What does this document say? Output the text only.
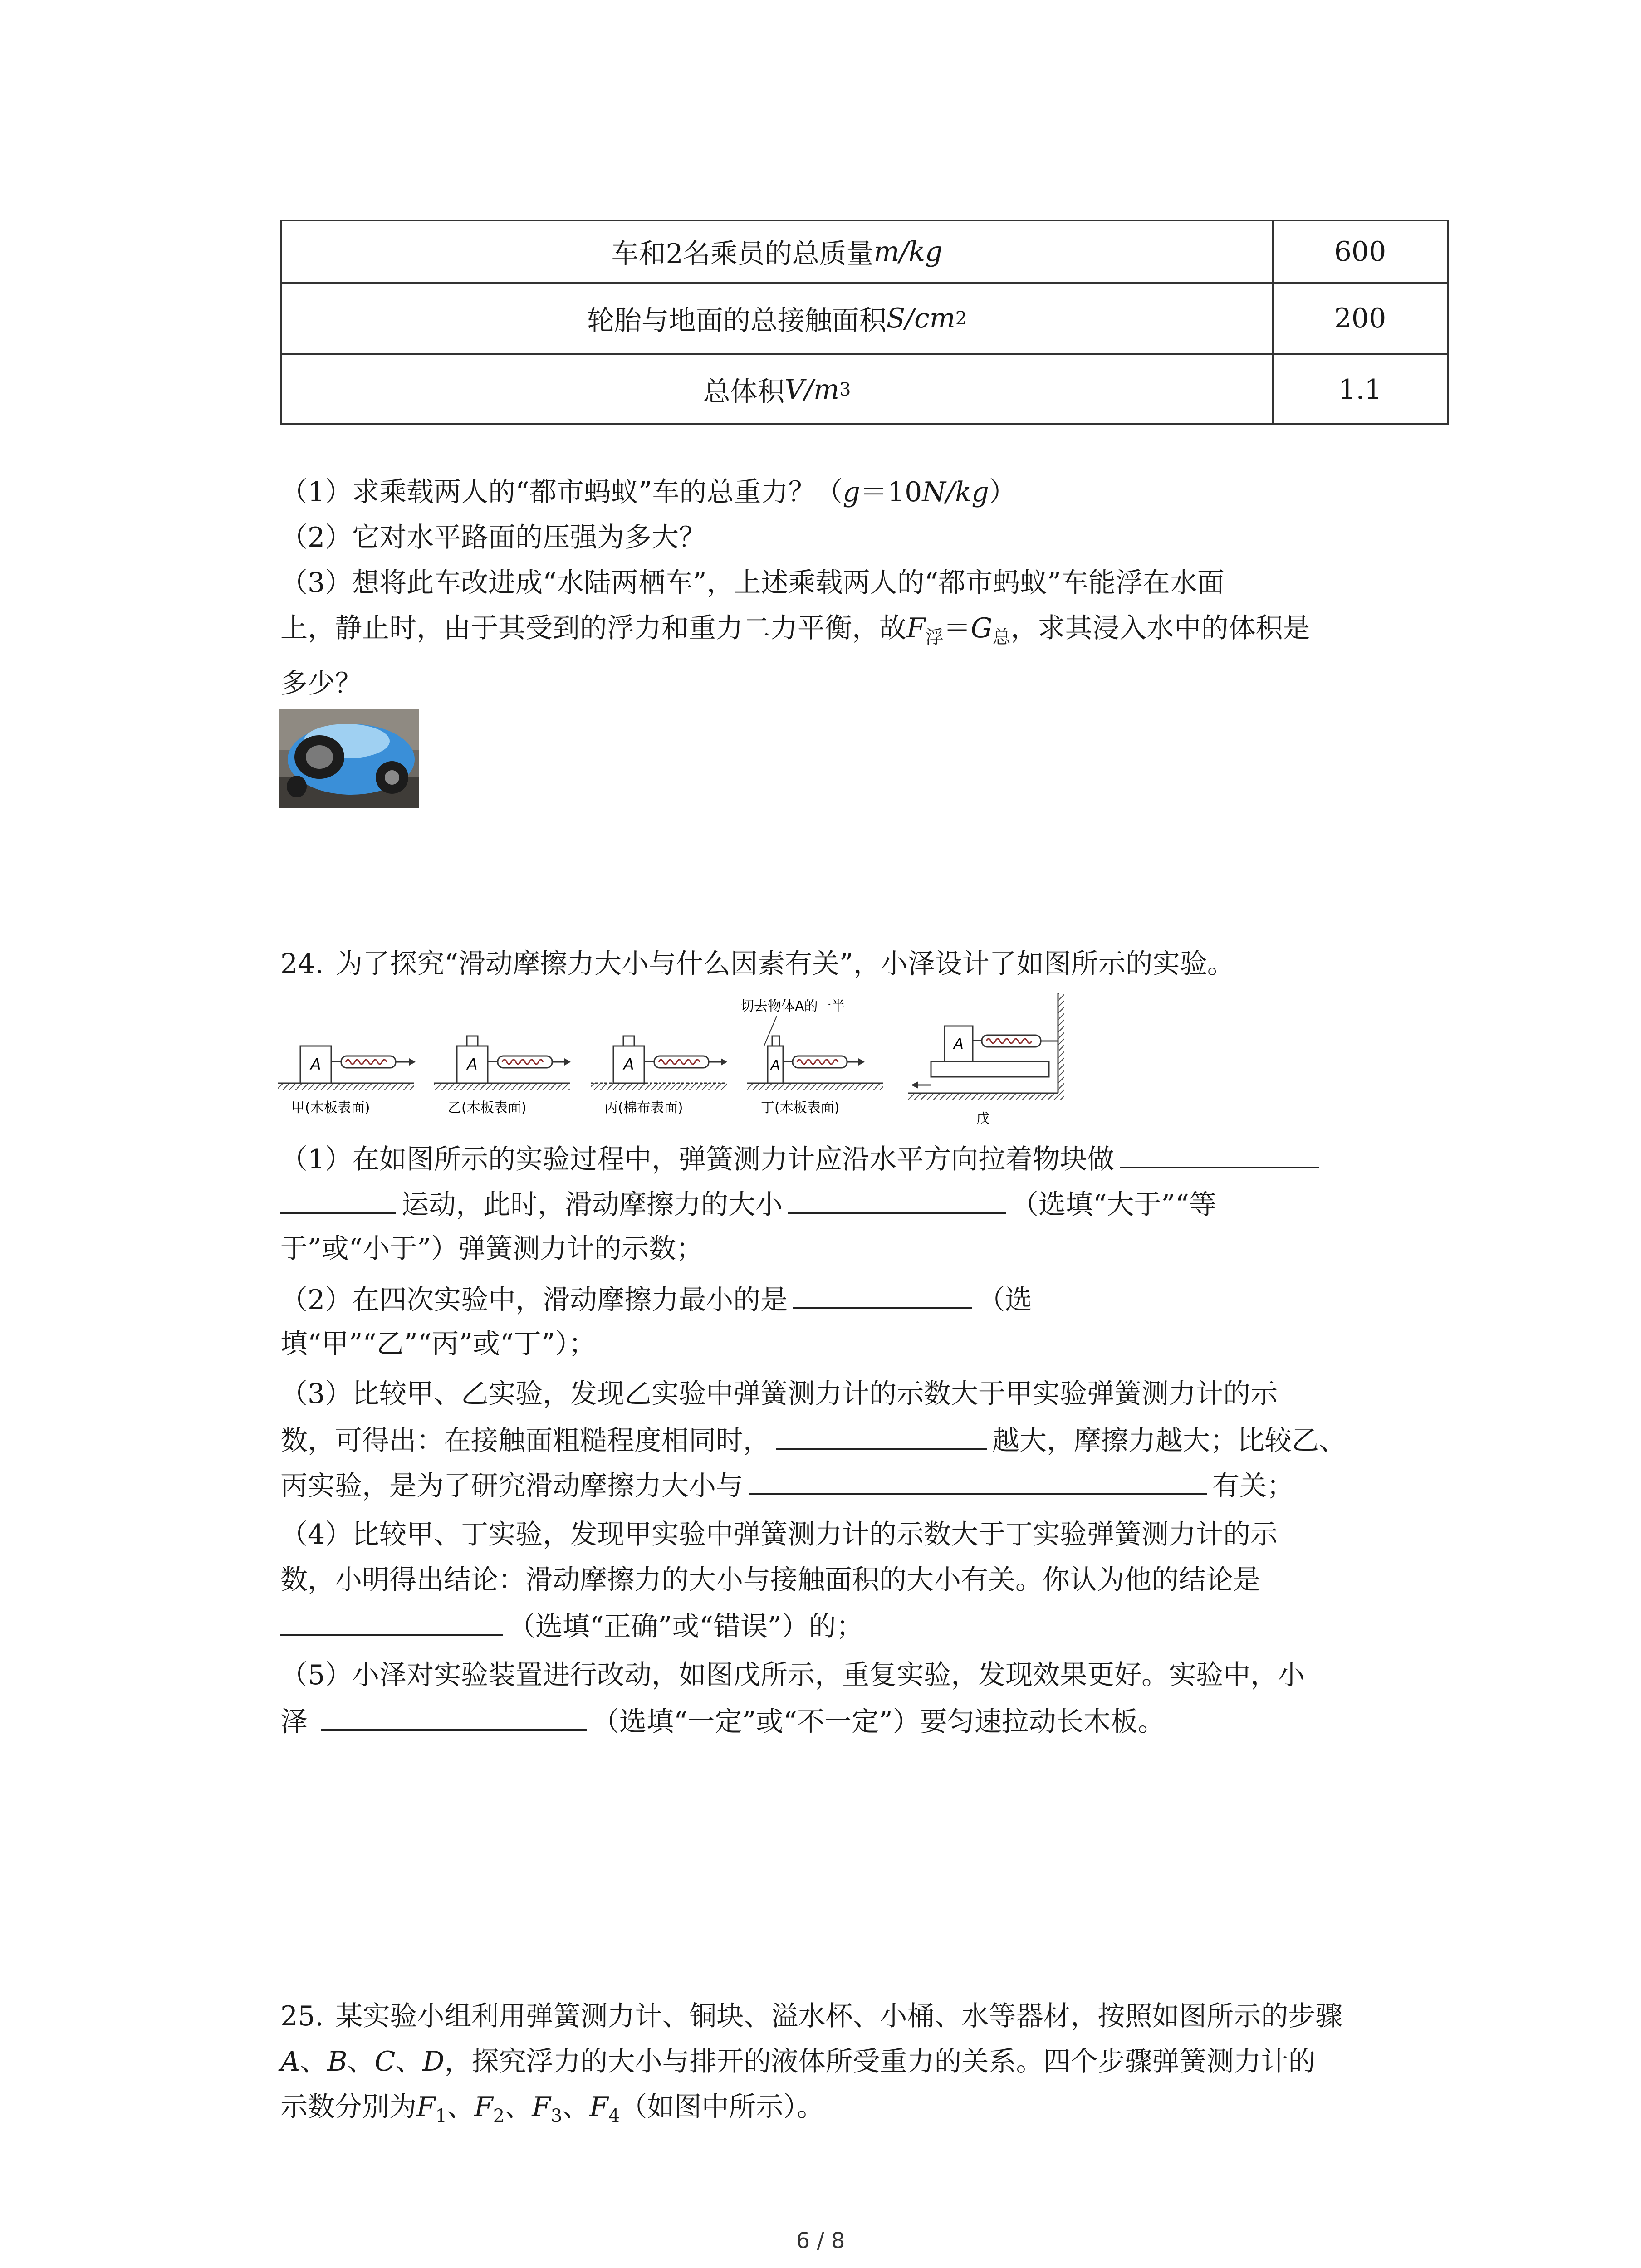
车和2名乘员的总质量 m/kg	600
轮胎与地面的总接触面积 S/cm 2	200
总体积 V/m 3	1.1
（1）求乘载两人的“都市蚂蚁”车的总重力？（g＝10N/kg）
（2）它对水平路面的压强为多大？
（3）想将此车改进成“水陆两栖车”，上述乘载两人的“都市蚂蚁”车能浮在水面
上，静止时，由于其受到的浮力和重力二力平衡，故$F_浮=G_总$，求其浸入水中的体积是
多少？
24. 为了探究“滑动摩擦力大小与什么因素有关”，小泽设计了如图所示的实验。
A	A	A
切去物体A的一半
A
A
甲(木板表面)	乙(木板表面)	丙(棉布表面)	丁(木板表面)
戊
（1）在如图所示的实验过程中，弹簧测力计应沿水平方向拉着物块做
运动，此时，滑动摩擦力的大小	（选填“大于”“等
于”或“小于”）弹簧测力计的示数；
（2）在四次实验中，滑动摩擦力最小的是	（选
填“甲”“乙”“丙”或“丁”）；
（3）比较甲、乙实验，发现乙实验中弹簧测力计的示数大于甲实验弹簧测力计的示
数，可得出：在接触面粗糙程度相同时，	越大，摩擦力越大；比较乙、
丙实验，是为了研究滑动摩擦力大小与	有关；
（4）比较甲、丁实验，发现甲实验中弹簧测力计的示数大于丁实验弹簧测力计的示
数，小明得出结论：滑动摩擦力的大小与接触面积的大小有关。你认为他的结论是
（选填“正确”或“错误”）的；
（5）小泽对实验装置进行改动，如图戊所示，重复实验，发现效果更好。实验中，小
泽	（选填“一定”或“不一定”）要匀速拉动长木板。
25. 某实验小组利用弹簧测力计、铜块、溢水杯、小桶、水等器材，按照如图所示的步骤
A、B、C、D，探究浮力的大小与排开的液体所受重力的关系。四个步骤弹簧测力计的
示数分别为$F_1$、$F_2$、$F_3$、$F_4$（如图中所示）。
6 / 8
